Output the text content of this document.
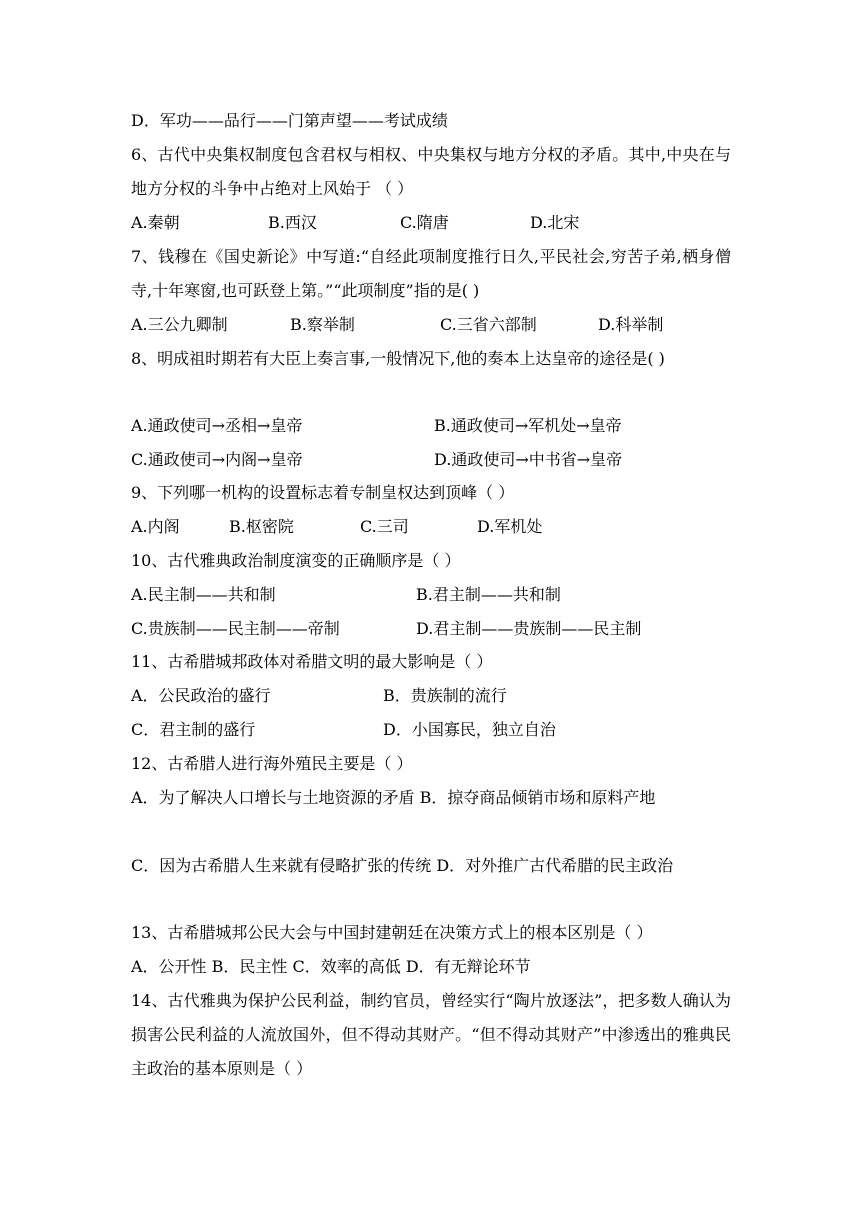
D．军功——品行——门第声望——考试成绩
6、古代中央集权制度包含君权与相权、中央集权与地方分权的矛盾。其中,中央在与地方分权的斗争中占绝对上风始于 （ ）
A.秦朝	B.西汉	C.隋唐	D.北宋
7、钱穆在《国史新论》中写道:“自经此项制度推行日久,平民社会,穷苦子弟,栖身僧寺,十年寒窗,也可跃登上第。”“此项制度”指的是( )
A.三公九卿制	B.察举制	C.三省六部制	D.科举制
8、明成祖时期若有大臣上奏言事,一般情况下,他的奏本上达皇帝的途径是( )
A.通政使司→丞相→皇帝	B.通政使司→军机处→皇帝
C.通政使司→内阁→皇帝	D.通政使司→中书省→皇帝
9、下列哪一机构的设置标志着专制皇权达到顶峰（ ）
A.内阁	B.枢密院	C.三司	D.军机处
10、古代雅典政治制度演变的正确顺序是（ ）
A.民主制——共和制	B.君主制——共和制
C.贵族制——民主制——帝制	D.君主制——贵族制——民主制
11、古希腊城邦政体对希腊文明的最大影响是（ ）
A．公民政治的盛行	B．贵族制的流行
C．君主制的盛行	D．小国寡民，独立自治
12、古希腊人进行海外殖民主要是（ ）
A．为了解决人口增长与土地资源的矛盾 B．掠夺商品倾销市场和原料产地
C．因为古希腊人生来就有侵略扩张的传统 D．对外推广古代希腊的民主政治
13、古希腊城邦公民大会与中国封建朝廷在决策方式上的根本区别是（ ）
A．公开性 B．民主性 C．效率的高低 D．有无辩论环节
14、古代雅典为保护公民利益，制约官员，曾经实行“陶片放逐法”，把多数人确认为损害公民利益的人流放国外，但不得动其财产。“但不得动其财产”中渗透出的雅典民主政治的基本原则是（ ）
